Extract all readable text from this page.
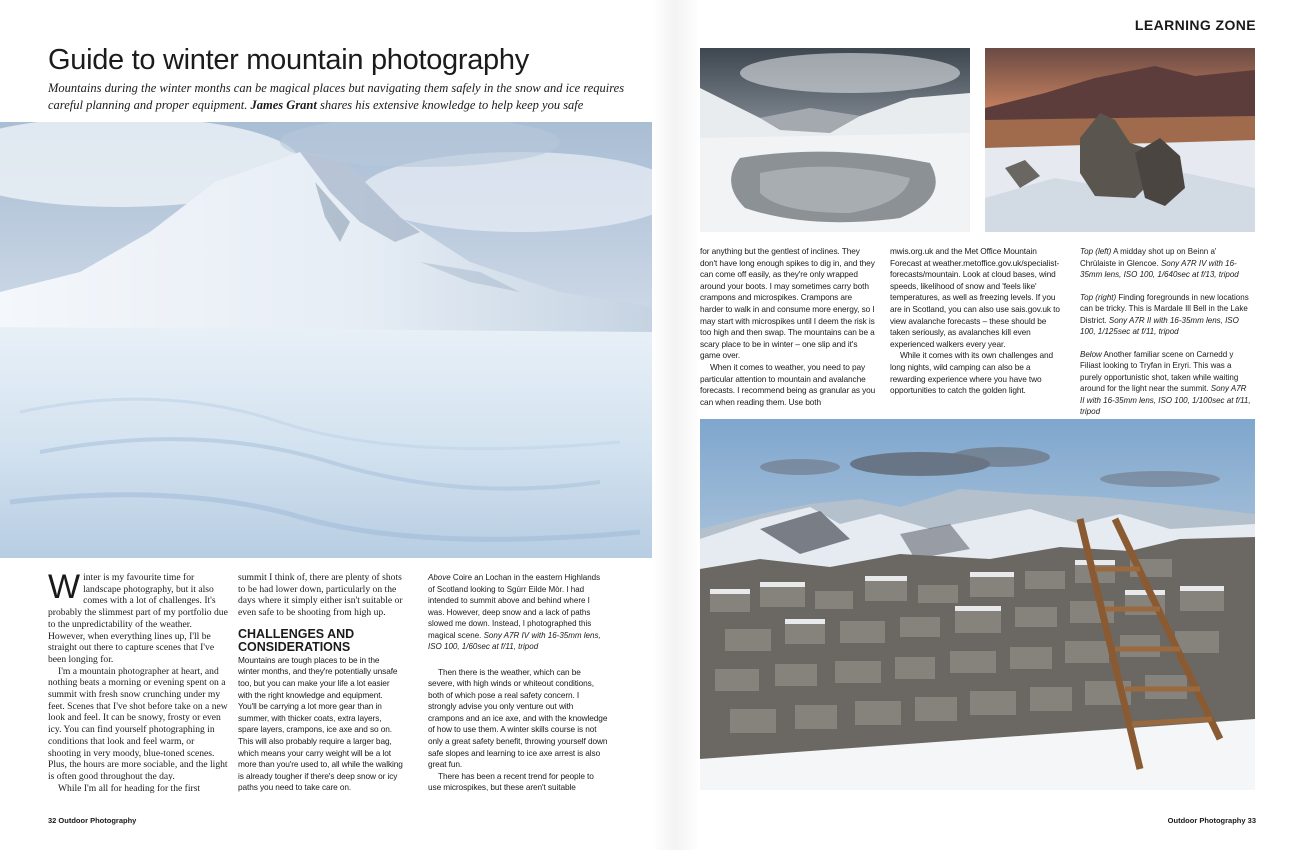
LEARNING ZONE
Guide to winter mountain photography

Mountains during the winter months can be magical places but navigating them safely in the snow and ice requires careful planning and proper equipment. James Grant shares his extensive knowledge to help keep you safe

Winter is my favourite time for landscape photography, but it also comes with a lot of challenges. It's probably the slimmest part of my portfolio due to the unpredictability of the weather. However, when everything lines up, I'll be straight out there to capture scenes that I've been longing for.

I'm a mountain photographer at heart, and nothing beats a morning or evening spent on a summit with fresh snow crunching under my feet. Scenes that I've shot before take on a new look and feel. It can be snowy, frosty or even icy. You can find yourself photographing in conditions that look and feel warm, or shooting in very moody, blue-toned scenes. Plus, the hours are more sociable, and the light is often good throughout the day.

While I'm all for heading for the first

summit I think of, there are plenty of shots to be had lower down, particularly on the days where it simply either isn't suitable or even safe to be shooting from high up.

CHALLENGES AND CONSIDERATIONS

Mountains are tough places to be in the winter months, and they're potentially unsafe too, but you can make your life a lot easier with the right knowledge and equipment. You'll be carrying a lot more gear than in summer, with thicker coats, extra layers, spare layers, crampons, ice axe and so on. This will also probably require a larger bag, which means your carry weight will be a lot more than you're used to, all while the walking is already tougher if there's deep snow or icy paths you need to take care on.

Above Coire an Lochan in the eastern Highlands of Scotland looking to Sgùrr Eilde Mòr. I had intended to summit above and behind where I was. However, deep snow and a lack of paths slowed me down. Instead, I photographed this magical scene. Sony A7R IV with 16-35mm lens, ISO 100, 1/60sec at f/11, tripod

Then there is the weather, which can be severe, with high winds or whiteout conditions, both of which pose a real safety concern. I strongly advise you only venture out with crampons and an ice axe, and with the knowledge of how to use them. A winter skills course is not only a great safety benefit, throwing yourself down safe slopes and learning to ice axe arrest is also great fun.

There has been a recent trend for people to use microspikes, but these aren't suitable

for anything but the gentlest of inclines. They don't have long enough spikes to dig in, and they can come off easily, as they're only wrapped around your boots. I may sometimes carry both crampons and microspikes. Crampons are harder to walk in and consume more energy, so I may start with microspikes until I deem the risk is too high and then swap. The mountains can be a scary place to be in winter – one slip and it's game over.

When it comes to weather, you need to pay particular attention to mountain and avalanche forecasts. I recommend being as granular as you can when reading them. Use both

mwis.org.uk and the Met Office Mountain Forecast at weather.metoffice.gov.uk/specialist-forecasts/mountain. Look at cloud bases, wind speeds, likelihood of snow and 'feels like' temperatures, as well as freezing levels. If you are in Scotland, you can also use sais.gov.uk to view avalanche forecasts – these should be taken seriously, as avalanches kill even experienced walkers every year.

While it comes with its own challenges and long nights, wild camping can also be a rewarding experience where you have two opportunities to catch the golden light.

Top (left) A midday shot up on Beinn a' Chrùlaiste in Glencoe. Sony A7R IV with 16-35mm lens, ISO 100, 1/640sec at f/13, tripod

Top (right) Finding foregrounds in new locations can be tricky. This is Mardale Ill Bell in the Lake District. Sony A7R II with 16-35mm lens, ISO 100, 1/125sec at f/11, tripod

Below Another familiar scene on Carnedd y Filiast looking to Tryfan in Eryri. This was a purely opportunistic shot, taken while waiting around for the light near the summit. Sony A7R II with 16-35mm lens, ISO 100, 1/100sec at f/11, tripod

32 Outdoor Photography	Outdoor Photography 33
